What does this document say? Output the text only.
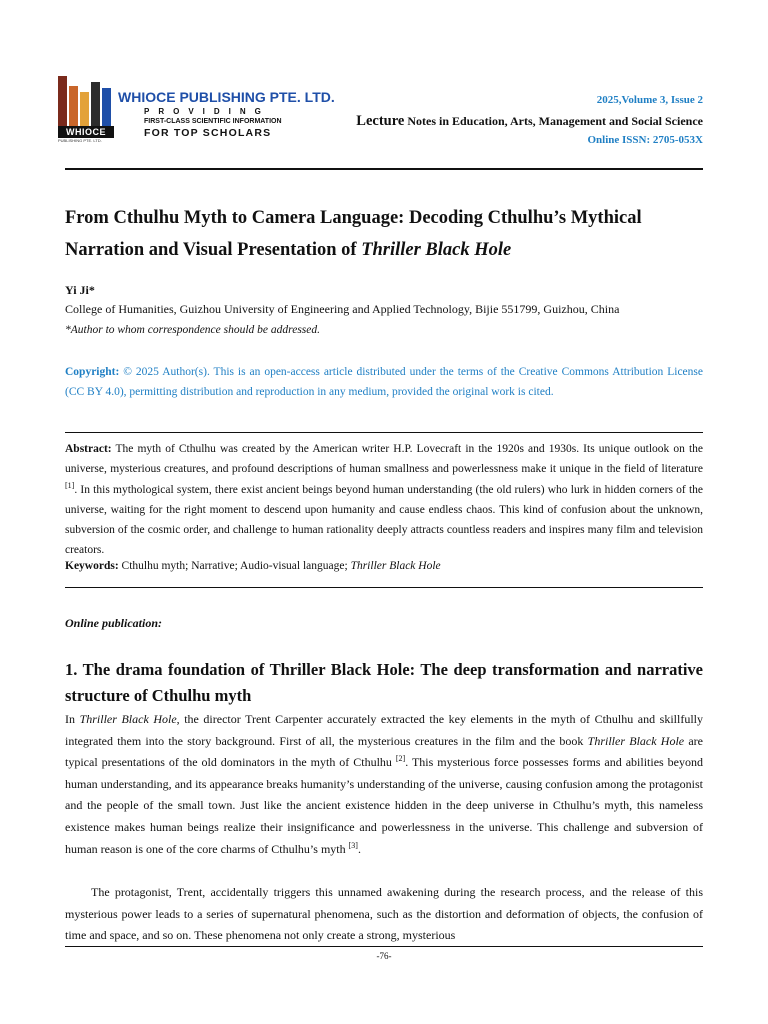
WHIOCE
PUBLISHING PTE. LTD.
WHIOCE PUBLISHING PTE. LTD.
PROVIDING
FIRST-CLASS SCIENTIFIC INFORMATION
FOR TOP SCHOLARS
2025,Volume 3, Issue 2
Lecture Notes in Education, Arts, Management and Social Science
Online ISSN: 2705-053X
From Cthulhu Myth to Camera Language: Decoding Cthulhu’s Mythical Narration and Visual Presentation of Thriller Black Hole
Yi Ji*
College of Humanities, Guizhou University of Engineering and Applied Technology, Bijie 551799, Guizhou, China
*Author to whom correspondence should be addressed.
Copyright: © 2025 Author(s). This is an open-access article distributed under the terms of the Creative Commons Attribution License (CC BY 4.0), permitting distribution and reproduction in any medium, provided the original work is cited.
Abstract: The myth of Cthulhu was created by the American writer H.P. Lovecraft in the 1920s and 1930s. Its unique outlook on the universe, mysterious creatures, and profound descriptions of human smallness and powerlessness make it unique in the field of literature [1]. In this mythological system, there exist ancient beings beyond human understanding (the old rulers) who lurk in hidden corners of the universe, waiting for the right moment to descend upon humanity and cause endless chaos. This kind of confusion about the unknown, subversion of the cosmic order, and challenge to human rationality deeply attracts countless readers and inspires many film and television creators.
Keywords: Cthulhu myth; Narrative; Audio-visual language; Thriller Black Hole
Online publication:
1. The drama foundation of Thriller Black Hole: The deep transformation and narrative structure of Cthulhu myth
In Thriller Black Hole, the director Trent Carpenter accurately extracted the key elements in the myth of Cthulhu and skillfully integrated them into the story background. First of all, the mysterious creatures in the film and the book Thriller Black Hole are typical presentations of the old dominators in the myth of Cthulhu [2]. This mysterious force possesses forms and abilities beyond human understanding, and its appearance breaks humanity’s understanding of the universe, causing confusion among the protagonist and the people of the small town. Just like the ancient existence hidden in the deep universe in Cthulhu’s myth, this nameless existence makes human beings realize their insignificance and powerlessness in the universe. This challenge and subversion of human reason is one of the core charms of Cthulhu’s myth [3].
The protagonist, Trent, accidentally triggers this unnamed awakening during the research process, and the release of this mysterious power leads to a series of supernatural phenomena, such as the distortion and deformation of objects, the confusion of time and space, and so on. These phenomena not only create a strong, mysterious
-76-
